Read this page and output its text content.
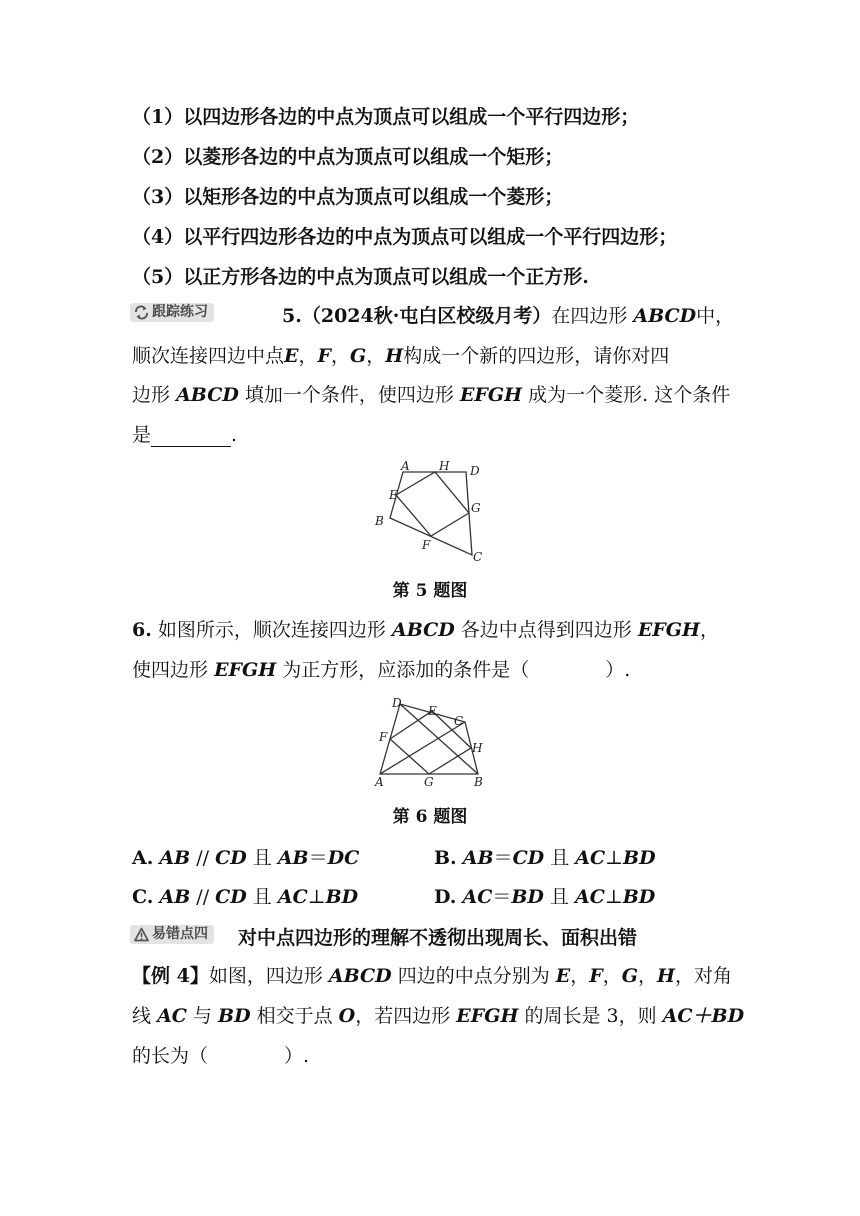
（1）以四边形各边的中点为顶点可以组成一个平行四边形；
（2）以菱形各边的中点为顶点可以组成一个矩形；
（3）以矩形各边的中点为顶点可以组成一个菱形；
（4）以平行四边形各边的中点为顶点可以组成一个平行四边形；
（5）以正方形各边的中点为顶点可以组成一个正方形.
跟踪练习	5.（2024秋·屯白区校级月考）在四边形 ABCD中，
顺次连接四边中点E，F，G，H构成一个新的四边形，请你对四
边形 ABCD 填加一个条件，使四边形 EFGH 成为一个菱形. 这个条件
是	.
A H D
E
G
B
F
C
第 5 题图
6. 如图所示，顺次连接四边形 ABCD 各边中点得到四边形 EFGH，
使四边形 EFGH 为正方形，应添加的条件是（　　　　）.
D
E
C
F
H
A	G	B
第 6 题图
A. AB // CD 且 AB＝DC	B. AB＝CD 且 AC⊥BD
C. AB // CD 且 AC⊥BD	D. AC＝BD 且 AC⊥BD
易错点四 对中点四边形的理解不透彻出现周长、面积出错
【例 4】如图，四边形 ABCD 四边的中点分别为 E，F，G，H，对角
线 AC 与 BD 相交于点 O，若四边形 EFGH 的周长是 3，则 AC＋BD
的长为（　　　　）.
